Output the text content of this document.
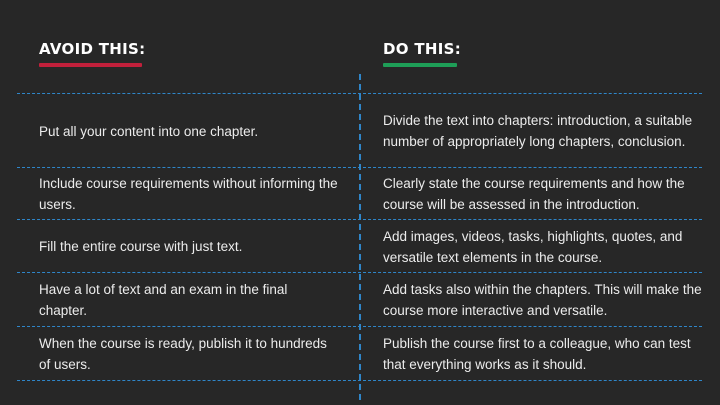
AVOID THIS:	DO THIS:
Put all your content into one chapter.
Divide the text into chapters: introduction, a suitable number of appropriately long chapters, conclusion.
Include course requirements without informing the users.
Clearly state the course requirements and how the course will be assessed in the introduction.
Fill the entire course with just text.
Add images, videos, tasks, highlights, quotes, and versatile text elements in the course.
Have a lot of text and an exam in the final chapter.
Add tasks also within the chapters. This will make the course more interactive and versatile.
When the course is ready, publish it to hundreds of users.
Publish the course first to a colleague, who can test that everything works as it should.
